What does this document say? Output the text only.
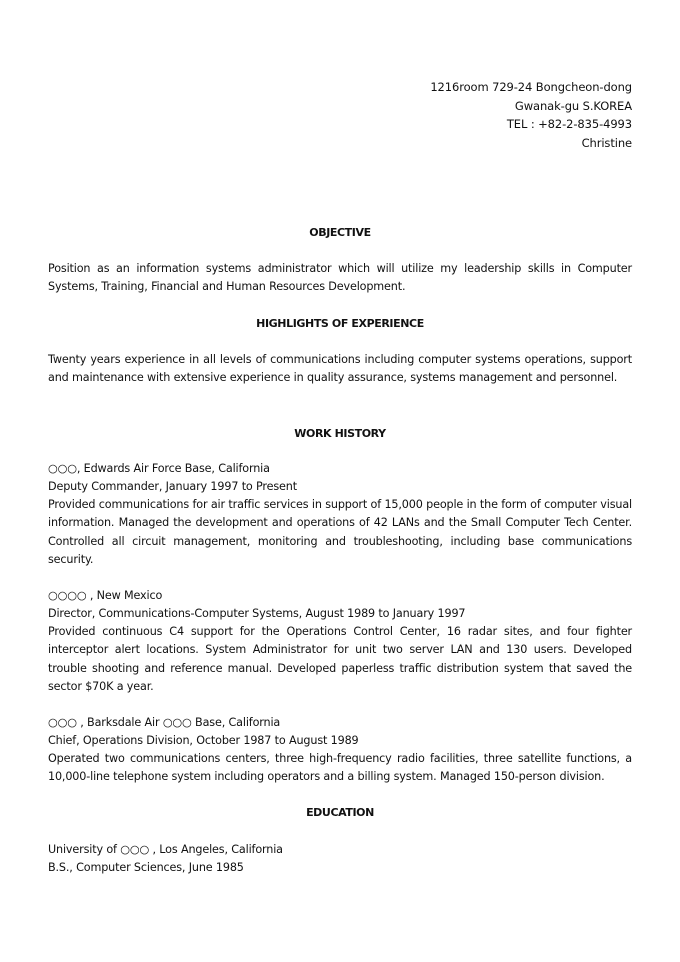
1216room 729-24 Bongcheon-dong
Gwanak-gu S.KOREA
TEL : +82-2-835-4993
Christine
OBJECTIVE
Position as an information systems administrator which will utilize my leadership skills in Computer Systems, Training, Financial and Human Resources Development.
HIGHLIGHTS OF EXPERIENCE
Twenty years experience in all levels of communications including computer systems operations, support and maintenance with extensive experience in quality assurance, systems management and personnel.
WORK HISTORY
○○○, Edwards Air Force Base, California
Deputy Commander, January 1997 to Present
Provided communications for air traffic services in support of 15,000 people in the form of computer visual information. Managed the development and operations of 42 LANs and the Small Computer Tech Center. Controlled all circuit management, monitoring and troubleshooting, including base communications security.
○○○○ , New Mexico
Director, Communications-Computer Systems, August 1989 to January 1997
Provided continuous C4 support for the Operations Control Center, 16 radar sites, and four fighter interceptor alert locations. System Administrator for unit two server LAN and 130 users. Developed trouble shooting and reference manual. Developed paperless traffic distribution system that saved the sector $70K a year.
○○○ , Barksdale Air ○○○ Base, California
Chief, Operations Division, October 1987 to August 1989
Operated two communications centers, three high-frequency radio facilities, three satellite functions, a 10,000-line telephone system including operators and a billing system. Managed 150-person division.
EDUCATION
University of ○○○ , Los Angeles, California
B.S., Computer Sciences, June 1985
